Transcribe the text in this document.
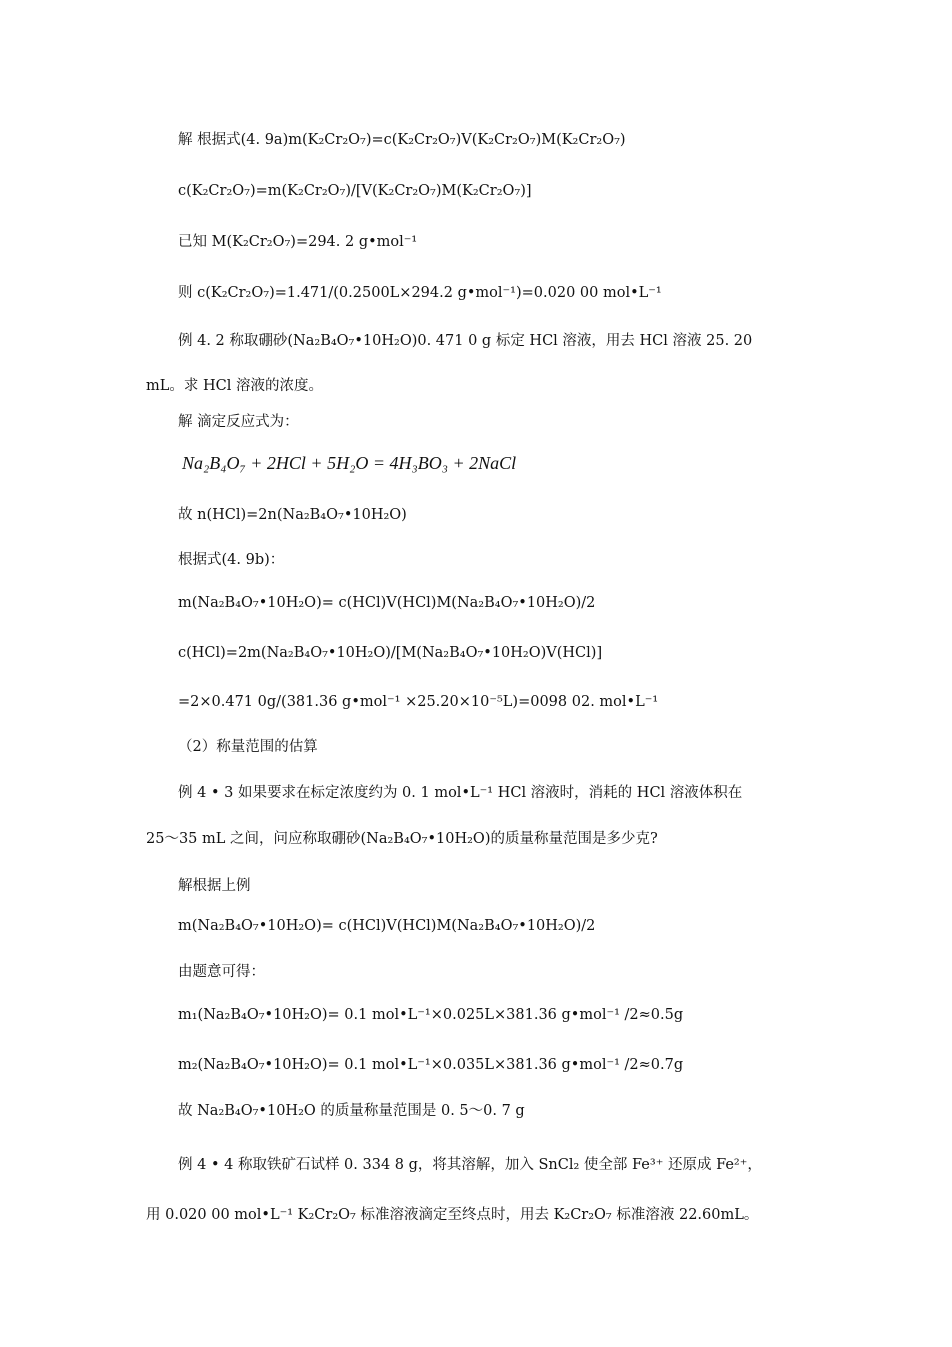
解 根据式(4. 9a)m(K₂Cr₂O₇)=c(K₂Cr₂O₇)V(K₂Cr₂O₇)M(K₂Cr₂O₇)
c(K₂Cr₂O₇)=m(K₂Cr₂O₇)/[V(K₂Cr₂O₇)M(K₂Cr₂O₇)]
已知 M(K₂Cr₂O₇)=294. 2 g•mol⁻¹
则 c(K₂Cr₂O₇)=1.471/(0.2500L×294.2 g•mol⁻¹)=0.020 00 mol•L⁻¹
例 4. 2 称取硼砂(Na₂B₄O₇•10H₂O)0. 471 0 g 标定 HCl 溶液，用去 HCl 溶液 25. 20
mL。求 HCl 溶液的浓度。
解 滴定反应式为：
Na₂B₄O₇ + 2HCl + 5H₂O = 4H₃BO₃ + 2NaCl
故 n(HCl)=2n(Na₂B₄O₇•10H₂O)
根据式(4. 9b)：
m(Na₂B₄O₇•10H₂O)= c(HCl)V(HCl)M(Na₂B₄O₇•10H₂O)/2
c(HCl)=2m(Na₂B₄O₇•10H₂O)/[M(Na₂B₄O₇•10H₂O)V(HCl)]
=2×0.471 0g/(381.36 g•mol⁻¹ ×25.20×10⁻⁵L)=0098 02. mol•L⁻¹
（2）称量范围的估算
例 4 • 3 如果要求在标定浓度约为 0. 1 mol•L⁻¹ HCl 溶液时，消耗的 HCl 溶液体积在
25～35 mL 之间，问应称取硼砂(Na₂B₄O₇•10H₂O)的质量称量范围是多少克?
解根据上例
m(Na₂B₄O₇•10H₂O)= c(HCl)V(HCl)M(Na₂B₄O₇•10H₂O)/2
由题意可得：
m₁(Na₂B₄O₇•10H₂O)= 0.1 mol•L⁻¹×0.025L×381.36 g•mol⁻¹ /2≈0.5g
m₂(Na₂B₄O₇•10H₂O)= 0.1 mol•L⁻¹×0.035L×381.36 g•mol⁻¹ /2≈0.7g
故 Na₂B₄O₇•10H₂O 的质量称量范围是 0. 5～0. 7 g
例 4 • 4 称取铁矿石试样 0. 334 8 g，将其溶解，加入 SnCl₂ 使全部 Fe³⁺ 还原成 Fe²⁺，
用 0.020 00 mol•L⁻¹ K₂Cr₂O₇ 标准溶液滴定至终点时，用去 K₂Cr₂O₇ 标准溶液 22.60mL。
